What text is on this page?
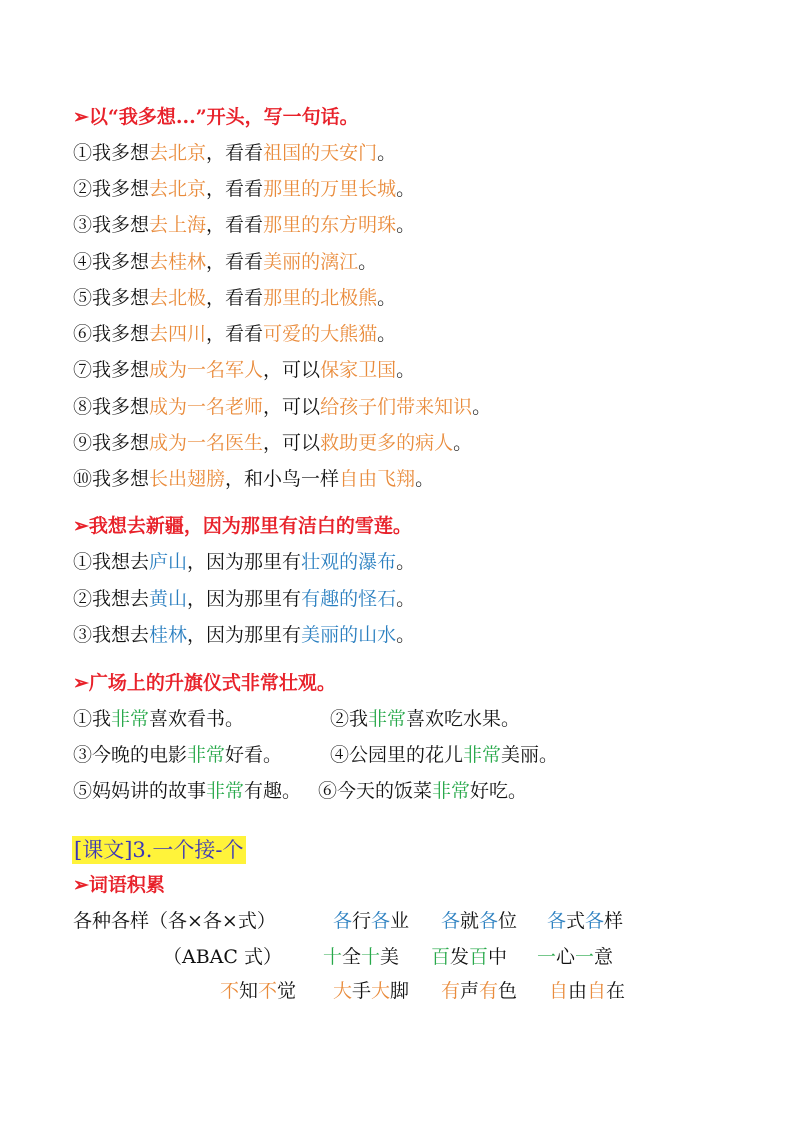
➢以“我多想...”开头，写一句话。
①我多想去北京，看看祖国的天安门。
②我多想去北京，看看那里的万里长城。
③我多想去上海，看看那里的东方明珠。
④我多想去桂林，看看美丽的漓江。
⑤我多想去北极，看看那里的北极熊。
⑥我多想去四川，看看可爱的大熊猫。
⑦我多想成为一名军人，可以保家卫国。
⑧我多想成为一名老师，可以给孩子们带来知识。
⑨我多想成为一名医生，可以救助更多的病人。
⑩我多想长出翅膀，和小鸟一样自由飞翔。
➢我想去新疆，因为那里有洁白的雪莲。
①我想去庐山，因为那里有壮观的瀑布。
②我想去黄山，因为那里有有趣的怪石。
③我想去桂林，因为那里有美丽的山水。
➢广场上的升旗仪式非常壮观。
①我非常喜欢看书。	②我非常喜欢吃水果。
③今晚的电影非常好看。	④公园里的花儿非常美丽。
⑤妈妈讲的故事非常有趣。 ⑥今天的饭菜非常好吃。
[课文]3.一个接-个
➢词语积累
各种各样（各×各×式）	各行各业 各就各位 各式各样
（ABAC 式） 十全十美 百发百中 一心一意
不知不觉 大手大脚 有声有色 自由自在
